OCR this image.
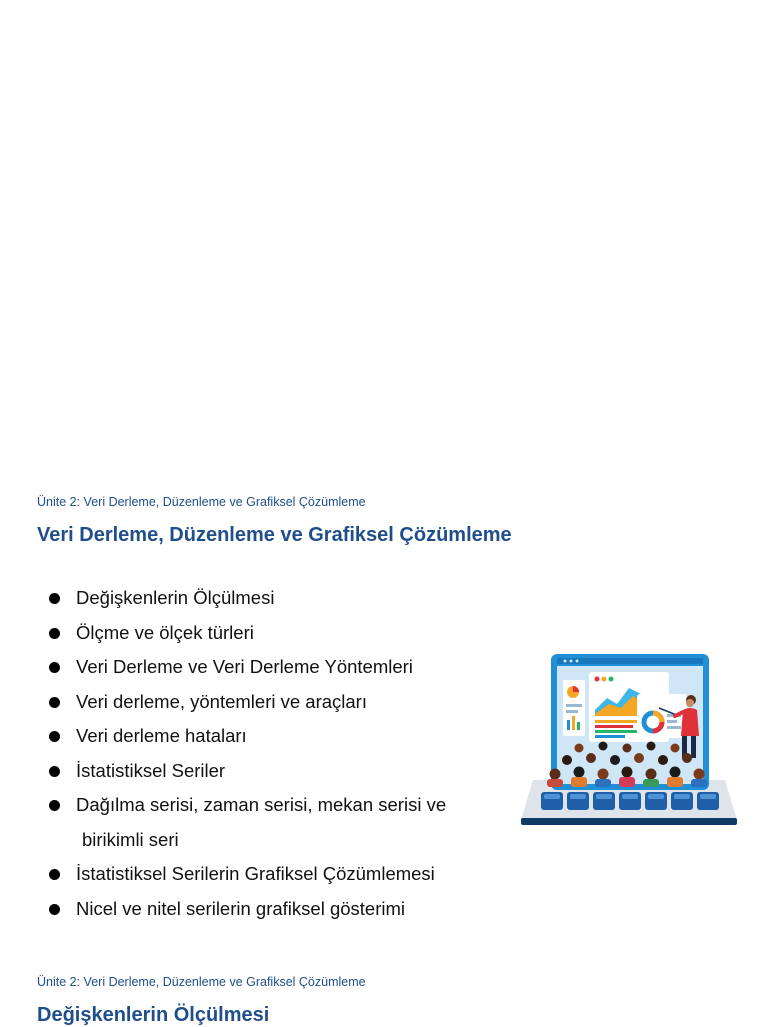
Ünite 2: Veri Derleme, Düzenleme ve Grafiksel Çözümleme
Veri Derleme, Düzenleme ve Grafiksel Çözümleme
Değişkenlerin Ölçülmesi
Ölçme ve ölçek türleri
Veri Derleme ve Veri Derleme Yöntemleri
Veri derleme, yöntemleri ve araçları
Veri derleme hataları
İstatistiksel Seriler
Dağılma serisi, zaman serisi, mekan serisi ve
birikimli seri
İstatistiksel Serilerin Grafiksel Çözümlemesi
Nicel ve nitel serilerin grafiksel gösterimi
Ünite 2: Veri Derleme, Düzenleme ve Grafiksel Çözümleme
Değişkenlerin Ölçülmesi
